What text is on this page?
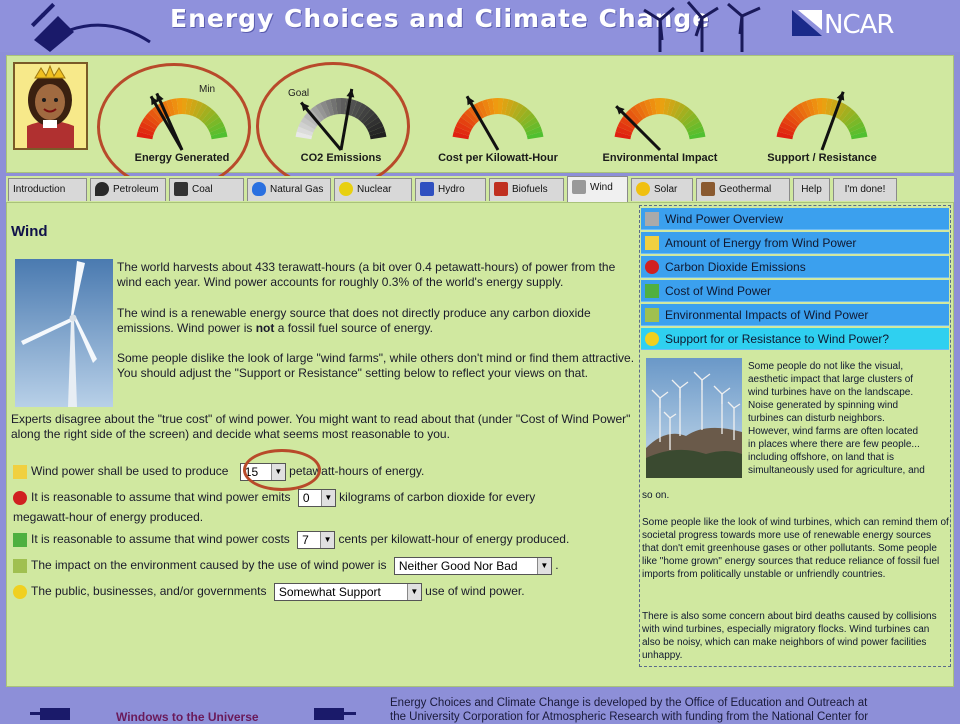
Energy Choices and Climate Change	NCAR
Min
Energy Generated
Goal
CO2 Emissions	Cost per Kilowatt-Hour	Environmental Impact	Support / Resistance
Introduction	Petroleum	Coal	Natural Gas	Nuclear	Hydro	Biofuels	Wind	Solar	Geothermal	Help	I'm done!
Wind
The world harvests about 433 terawatt-hours (a bit over 0.4 petawatt-hours) of power from the wind each year. Wind power accounts for roughly 0.3% of the world's energy supply.
The wind is a renewable energy source that does not directly produce any carbon dioxide emissions. Wind power is not a fossil fuel source of energy.
Some people dislike the look of large "wind farms", while others don't mind or find them attractive. You should adjust the "Support or Resistance" setting below to reflect your views on that.
Experts disagree about the "true cost" of wind power. You might want to read about that (under "Cost of Wind Power" along the right side of the screen) and decide what seems most reasonable to you.
Wind power shall be used to produce 15	▼ petawatt-hours of energy.
It is reasonable to assume that wind power emits 0	▼ kilograms of carbon dioxide for every
megawatt-hour of energy produced.
It is reasonable to assume that wind power costs 7	▼ cents per kilowatt-hour of energy produced.
The impact on the environment caused by the use of wind power is Neither Good Nor Bad	▼ .
The public, businesses, and/or governments Somewhat Support	▼ use of wind power.
Wind Power Overview
Amount of Energy from Wind Power
Carbon Dioxide Emissions
Cost of Wind Power
Environmental Impacts of Wind Power
Support for or Resistance to Wind Power?
Some people do not like the visual,
aesthetic impact that large clusters of
wind turbines have on the landscape.
Noise generated by spinning wind
turbines can disturb neighbors.
However, wind farms are often located
in places where there are few people...
including offshore, on land that is
simultaneously used for agriculture, and
so on.
Some people like the look of wind turbines, which can remind them of societal progress towards more use of renewable energy sources that don't emit greenhouse gases or other pollutants. Some people like "home grown" energy sources that reduce reliance of fossil fuel imports from politically unstable or unfriendly countries.
There is also some concern about bird deaths caused by collisions with wind turbines, especially migratory flocks. Wind turbines can also be noisy, which can make neighbors of wind power facilities unhappy.
Windows to the Universe
Energy Choices and Climate Change is developed by the Office of Education and Outreach at
the University Corporation for Atmospheric Research with funding from the National Center for
